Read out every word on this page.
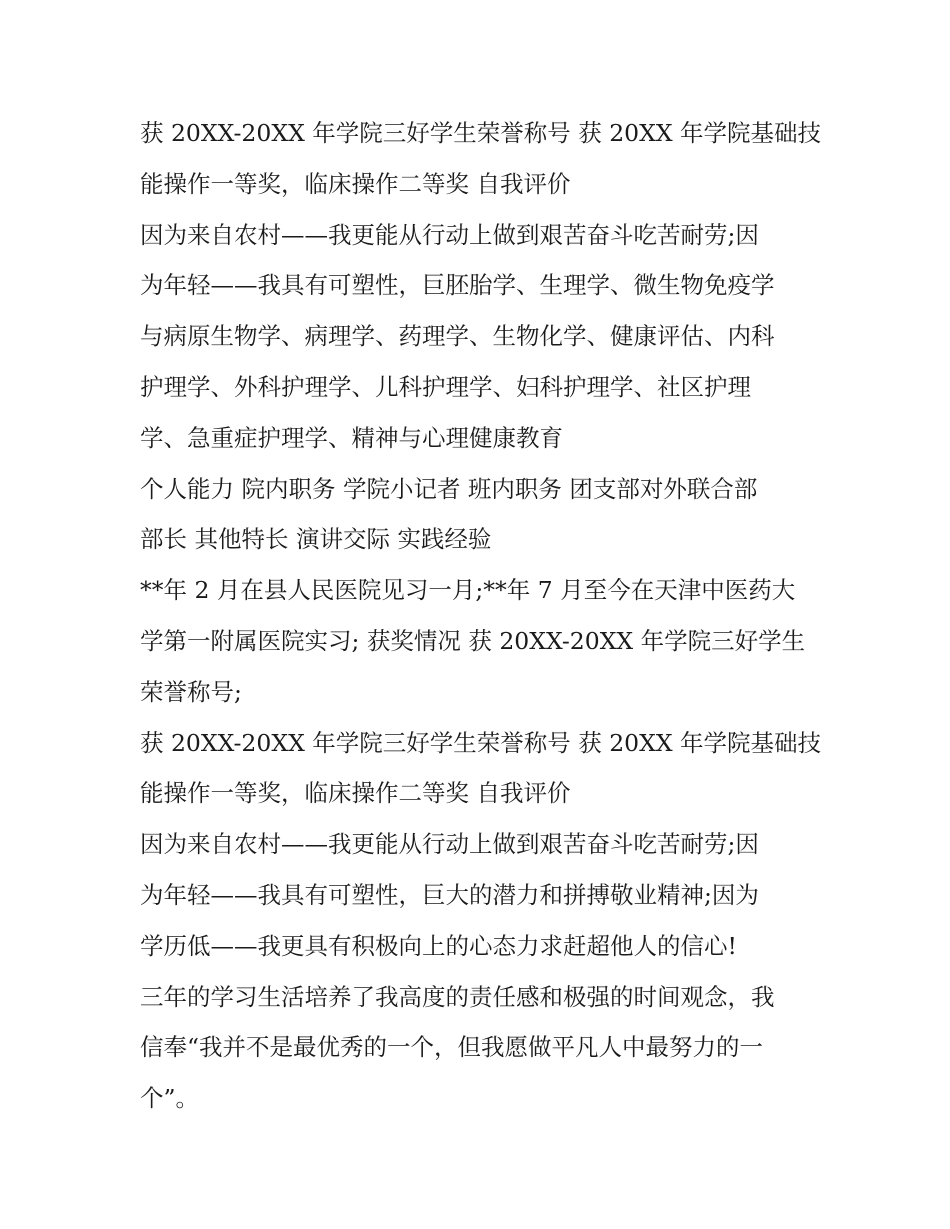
获 20XX-20XX 年学院三好学生荣誉称号 获 20XX 年学院基础技
能操作一等奖，临床操作二等奖 自我评价
因为来自农村——我更能从行动上做到艰苦奋斗吃苦耐劳;因
为年轻——我具有可塑性，巨胚胎学、生理学、微生物免疫学
与病原生物学、病理学、药理学、生物化学、健康评估、内科
护理学、外科护理学、儿科护理学、妇科护理学、社区护理
学、急重症护理学、精神与心理健康教育
个人能力 院内职务 学院小记者 班内职务 团支部对外联合部
部长 其他特长 演讲交际 实践经验
**年 2 月在县人民医院见习一月;**年 7 月至今在天津中医药大
学第一附属医院实习; 获奖情况 获 20XX-20XX 年学院三好学生
荣誉称号;
获 20XX-20XX 年学院三好学生荣誉称号 获 20XX 年学院基础技
能操作一等奖，临床操作二等奖 自我评价
因为来自农村——我更能从行动上做到艰苦奋斗吃苦耐劳;因
为年轻——我具有可塑性，巨大的潜力和拼搏敬业精神;因为
学历低——我更具有积极向上的心态力求赶超他人的信心!
三年的学习生活培养了我高度的责任感和极强的时间观念，我
信奉“我并不是最优秀的一个，但我愿做平凡人中最努力的一
个”。
